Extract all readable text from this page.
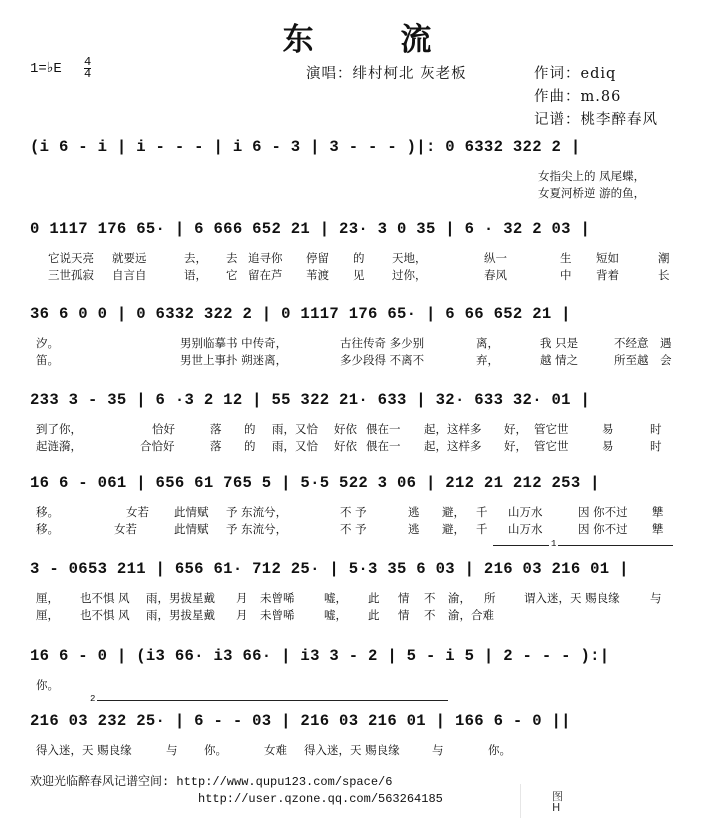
东 流
1=♭E 4
4	演唱：绯村柯北 灰老板	作词：ediq
作曲：m.86
记谱：桃李醉春风
(i 6 - i | i - - - | i 6 - 3 | 3 - - - )|: 0 6332 322 2 |
女指尖上的 凤尾蝶，
女夏河桥逆 游的鱼，
0 1117 176 65· | 6 666 652 21 | 23· 3 0 35 | 6 · 32 2 03 |
它说天亮 就要远	去， 去 追寻你 停留 的 天地，	纵一	生 短如	潮
三世孤寂 自言自	语， 它 留在芦 苇渡 见 过你，	春风	中 背着	长
36 6 0 0 | 0 6332 322 2 | 0 1117 176 65· | 6 66 652 21 |
汐。	男别临摹书 中传奇，	古往传奇 多少别	离，	我 只是	不经意 遇
笛。	男世上事扑 朔迷离，	多少段得 不离不	弃，	越 情之	所至越 会
233 3 - 35 | 6 ·3 2 12 | 55 322 21· 633 | 32· 633 32· 01 |
到了你，	恰好	落 的 雨，又恰 好依 偎在一 起，这样多 好， 管它世	易	时
起涟漪，	合恰好	落 的 雨，又恰 好依 偎在一 起，这样多 好， 管它世	易	时
16 6 - 061 | 656 61 765 5 | 5·5 522 3 06 | 212 21 212 253 |
移。	女若 此情赋 予 东流兮，	不 予	逃 避， 千 山万水	因 你不过 犨
移。	女若	此情赋 予 东流兮，	不 予	逃 避， 千 山万水	因 你不过 犨
3 - 0653 211 | 656 61· 712 25· | 5·3 35 6 03 | 216 03 216 01 |
厘， 也不惧 风 雨，男拔星戴 月 未曾唏	嘘， 此 情 不 渝， 所 谓入迷，天 赐良缘	与
厘， 也不惧 风 雨，男拔星戴 月 未曾唏	嘘， 此 情 不 渝，合难
16 6 - 0 | (i3 66· i3 66· | i3 3 - 2 | 5 - i 5 | 2 - - - ):|
你。
216 03 232 25· | 6 - - 03 | 216 03 216 01 | 166 6 - 0 ||
得入迷，天 赐良缘	与 你。	女难 得入迷，天 赐良缘	与	你。
1
2
欢迎光临醉春风记谱空间: http://www.qupu123.com/space/6
http://user.qzone.qq.com/563264185	图
H
